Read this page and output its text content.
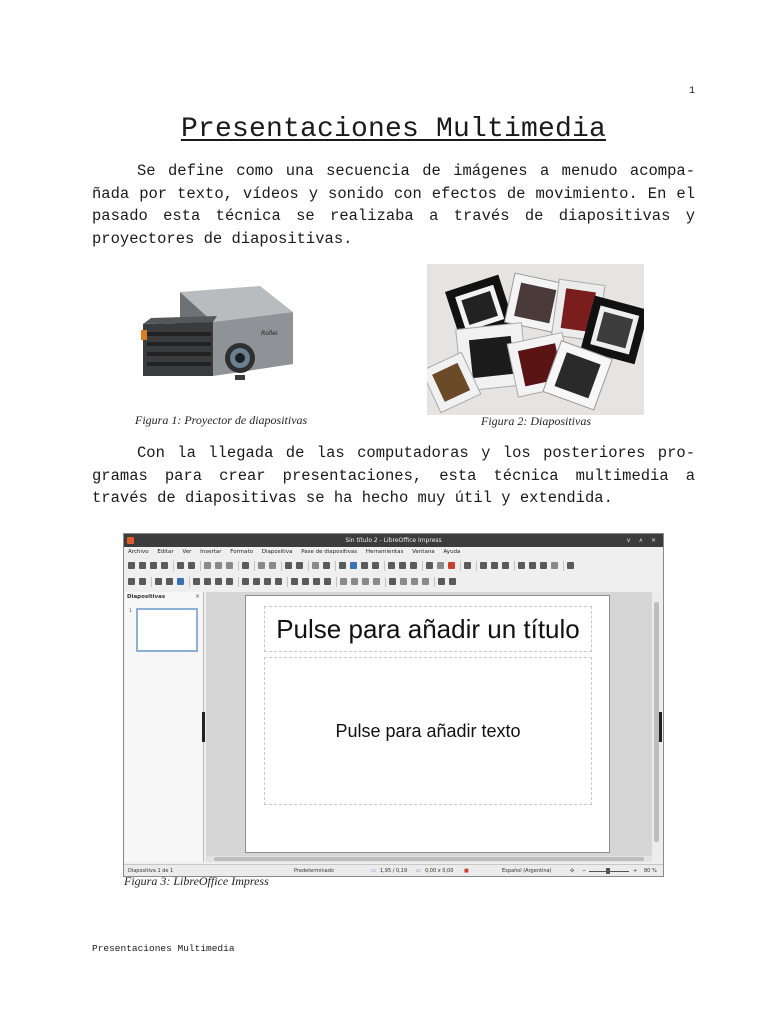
1
Presentaciones Multimedia

Se define como una secuencia de imágenes a menudo acompa-ñada por texto, vídeos y sonido con efectos de movimiento. En el pasado esta técnica se realizaba a través de diapositivas y proyectores de diapositivas.

Rollei
Figura 1: Proyector de diapositivas	Figura 2: Diapositivas

Con la llegada de las computadoras y los posteriores pro-gramas para crear presentaciones, esta técnica multimedia a través de diapositivas se ha hecho muy útil y extendida.

Sin título 2 - LibreOffice Impress	∨ ∧ ✕
Archivo Editar Ver Insertar Formato Diapositiva Pase de diapositivas Herramientas Ventana Ayuda
Diapositivas	×
1
Pulse para añadir un título
Pulse para añadir texto
Diapositiva 1 de 1	Predeterminado	▭ 1,95 / 0,19 ▭ 0,00 x 0,00 ■	Español (Argentina)	✣ −	+ 80 %
Figura 3: LibreOffice Impress
Presentaciones Multimedia
